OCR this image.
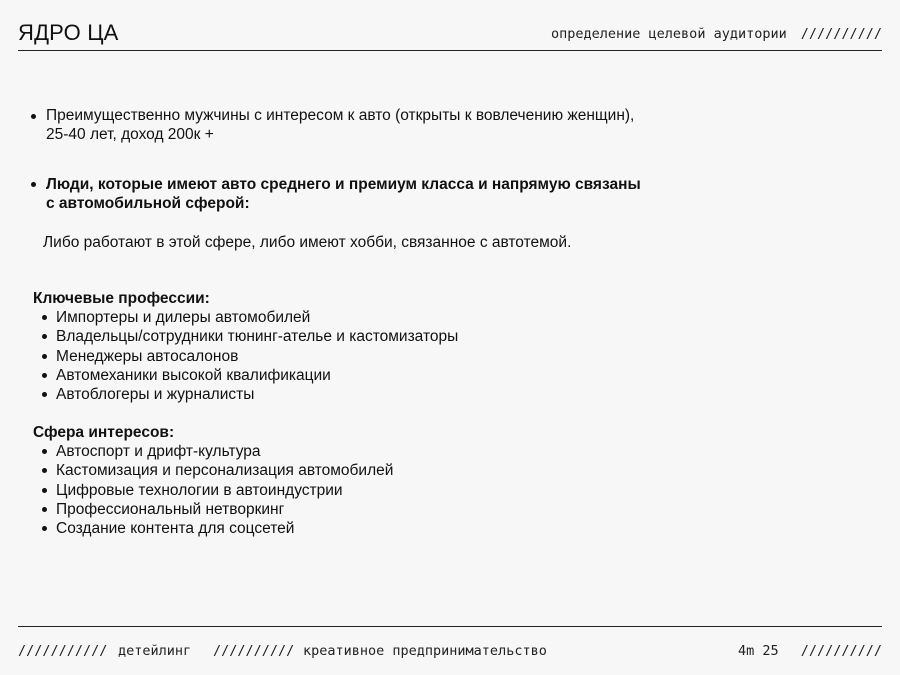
ЯДРО ЦА	определение целевой аудитории //////////
Преимущественно мужчины с интересом к авто (открыты к вовлечению женщин),
25-40 лет, доход 200к +
Люди, которые имеют авто среднего и премиум класса и напрямую связаны
с автомобильной сферой:
Либо работают в этой сфере, либо имеют хобби, связанное с автотемой.
Ключевые профессии:
Импортеры и дилеры автомобилей
Владельцы/сотрудники тюнинг-ателье и кастомизаторы
Менеджеры автосалонов
Автомеханики высокой квалификации
Автоблогеры и журналисты
Сфера интересов:
Автоспорт и дрифт-культура
Кастомизация и персонализация автомобилей
Цифровые технологии в автоиндустрии
Профессиональный нетворкинг
Создание контента для соцсетей
/////////// детейлинг ////////// креативное предпринимательство	4m 25 //////////
